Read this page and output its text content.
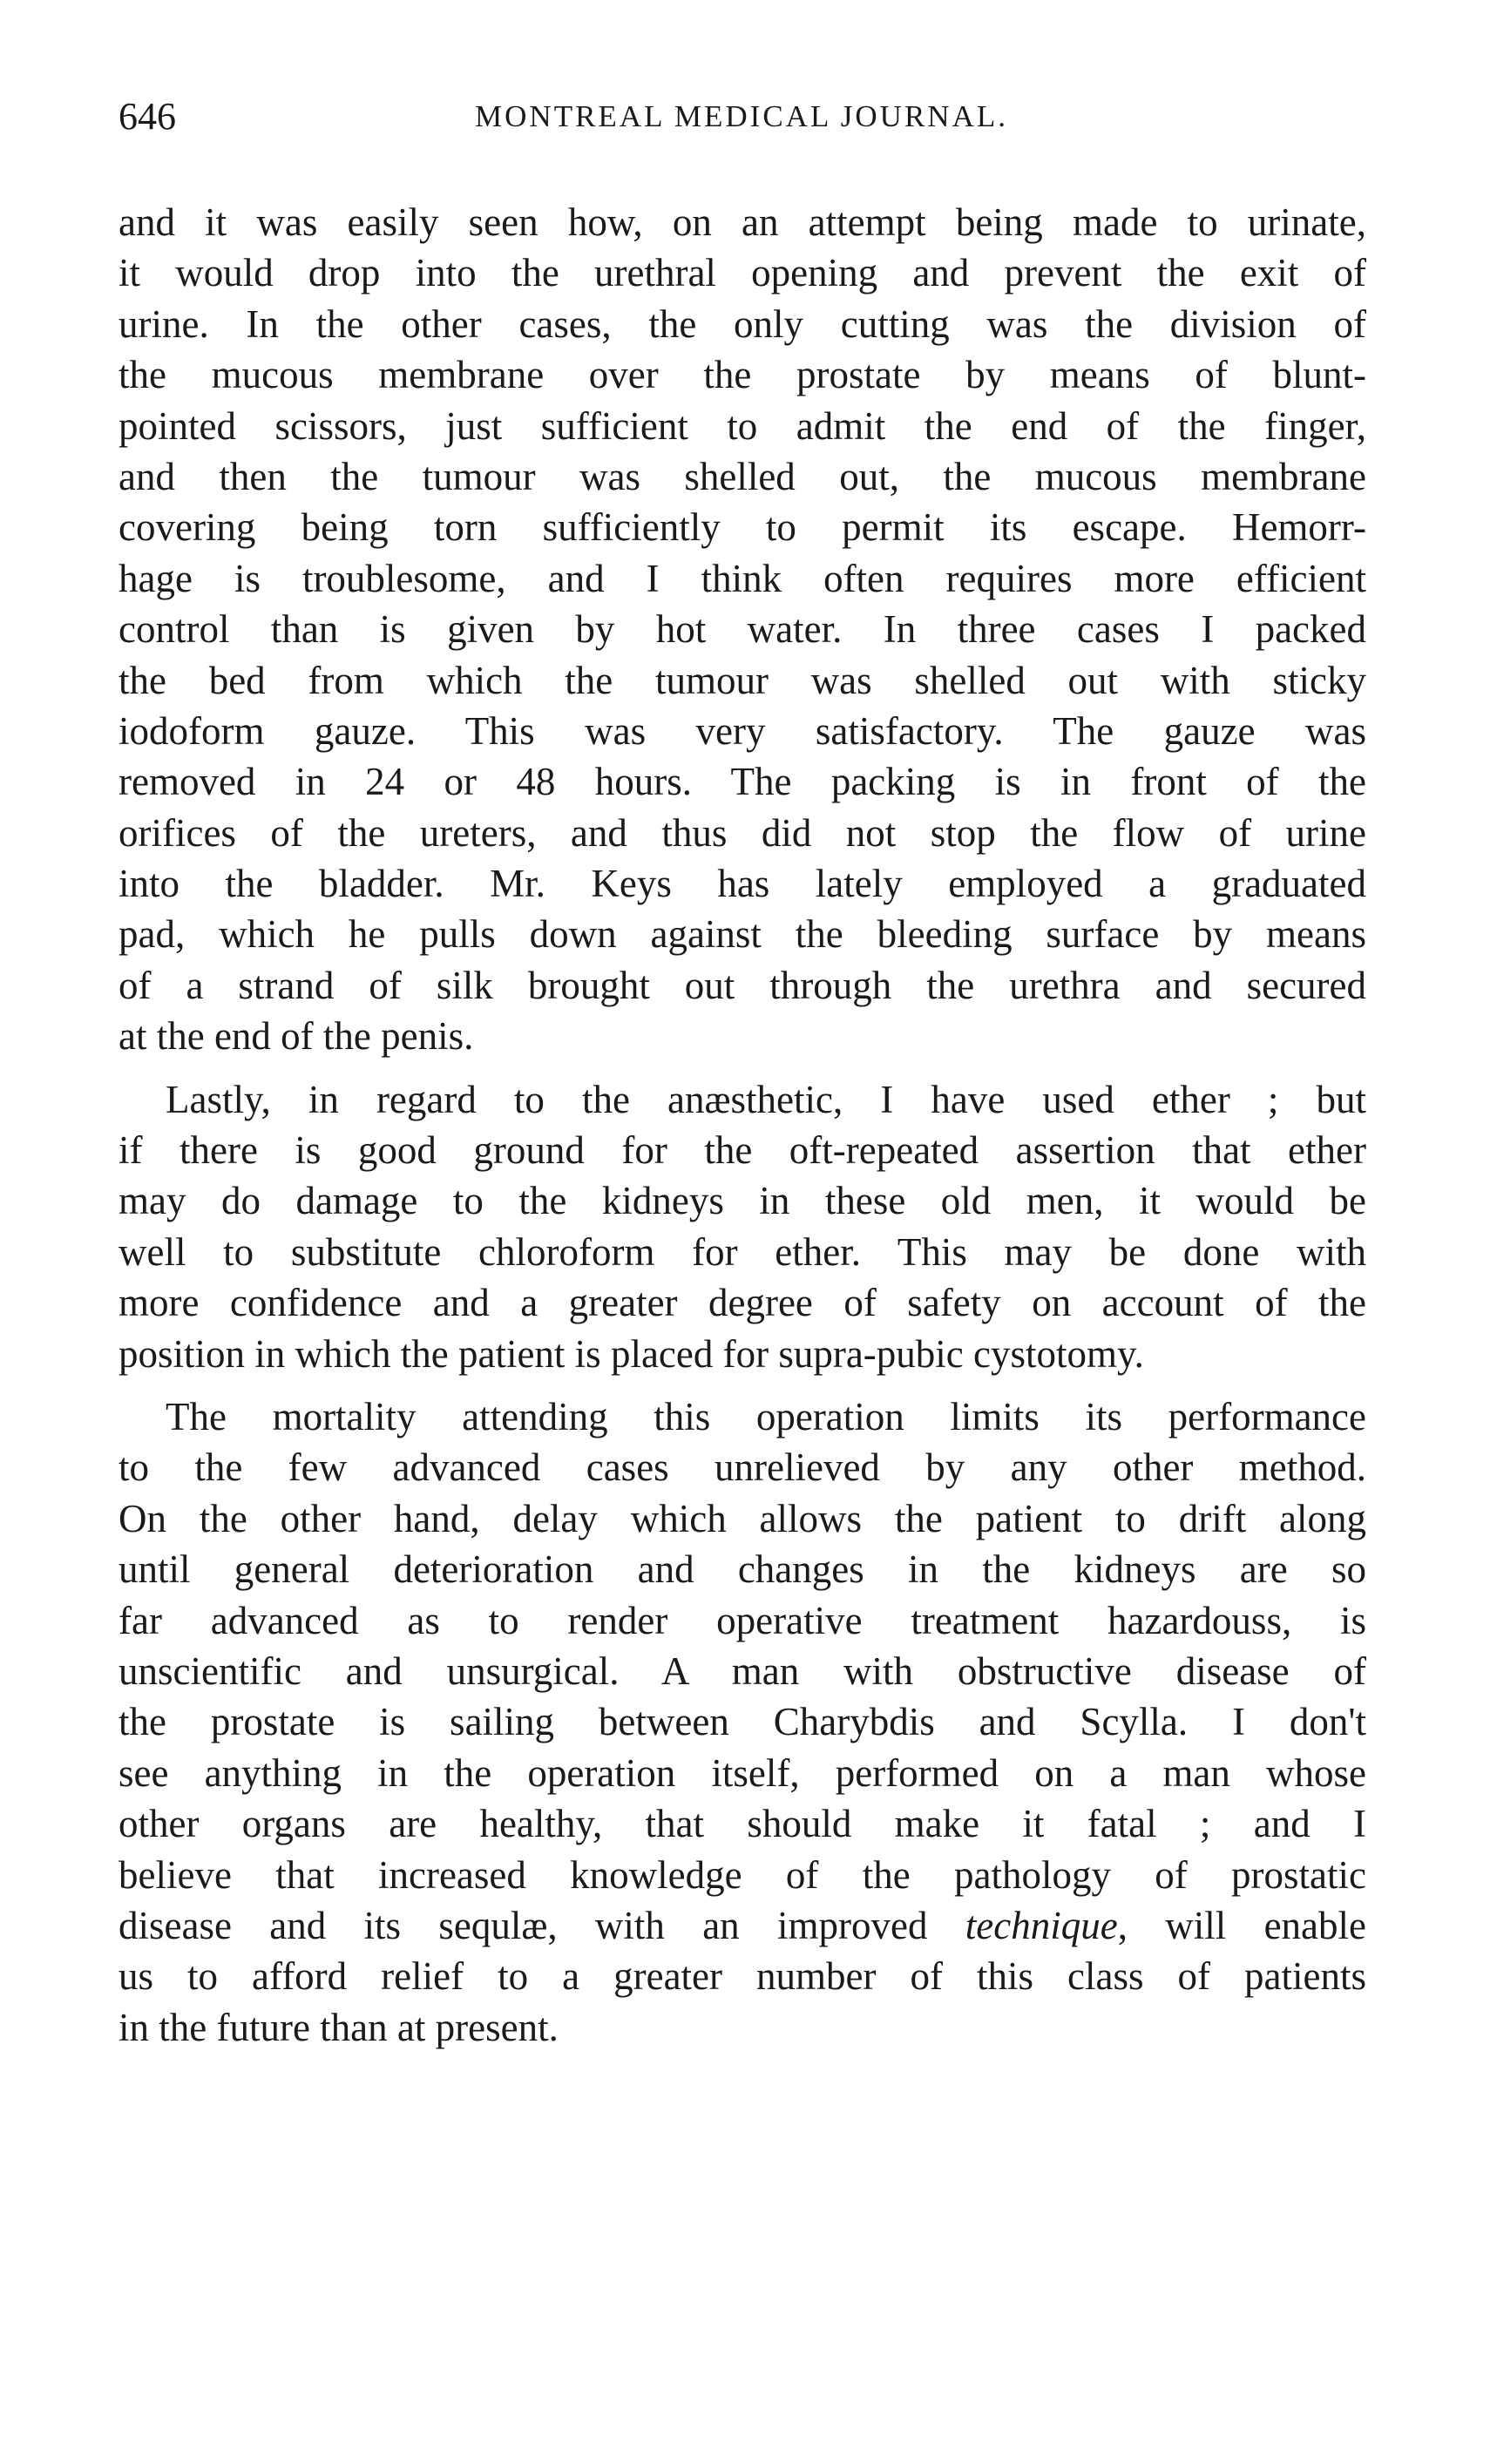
646	MONTREAL MEDICAL JOURNAL.

and it was easily seen how, on an attempt being made to urinate,
it would drop into the urethral opening and prevent the exit of
urine. In the other cases, the only cutting was the division of
the mucous membrane over the prostate by means of blunt-
pointed scissors, just sufficient to admit the end of the finger,
and then the tumour was shelled out, the mucous membrane
covering being torn sufficiently to permit its escape. Hemorr-
hage is troublesome, and I think often requires more efficient
control than is given by hot water. In three cases I packed
the bed from which the tumour was shelled out with sticky
iodoform gauze. This was very satisfactory. The gauze was
removed in 24 or 48 hours. The packing is in front of the
orifices of the ureters, and thus did not stop the flow of urine
into the bladder. Mr. Keys has lately employed a graduated
pad, which he pulls down against the bleeding surface by means
of a strand of silk brought out through the urethra and secured
at the end of the penis.

Lastly, in regard to the anæsthetic, I have used ether ; but
if there is good ground for the oft-repeated assertion that ether
may do damage to the kidneys in these old men, it would be
well to substitute chloroform for ether. This may be done with
more confidence and a greater degree of safety on account of the
position in which the patient is placed for supra-pubic cystotomy.

The mortality attending this operation limits its performance
to the few advanced cases unrelieved by any other method.
On the other hand, delay which allows the patient to drift along
until general deterioration and changes in the kidneys are so
far advanced as to render operative treatment hazardouss, is
unscientific and unsurgical. A man with obstructive disease of
the prostate is sailing between Charybdis and Scylla. I don't
see anything in the operation itself, performed on a man whose
other organs are healthy, that should make it fatal ; and I
believe that increased knowledge of the pathology of prostatic
disease and its sequlæ, with an improved technique, will enable
us to afford relief to a greater number of this class of patients
in the future than at present.
